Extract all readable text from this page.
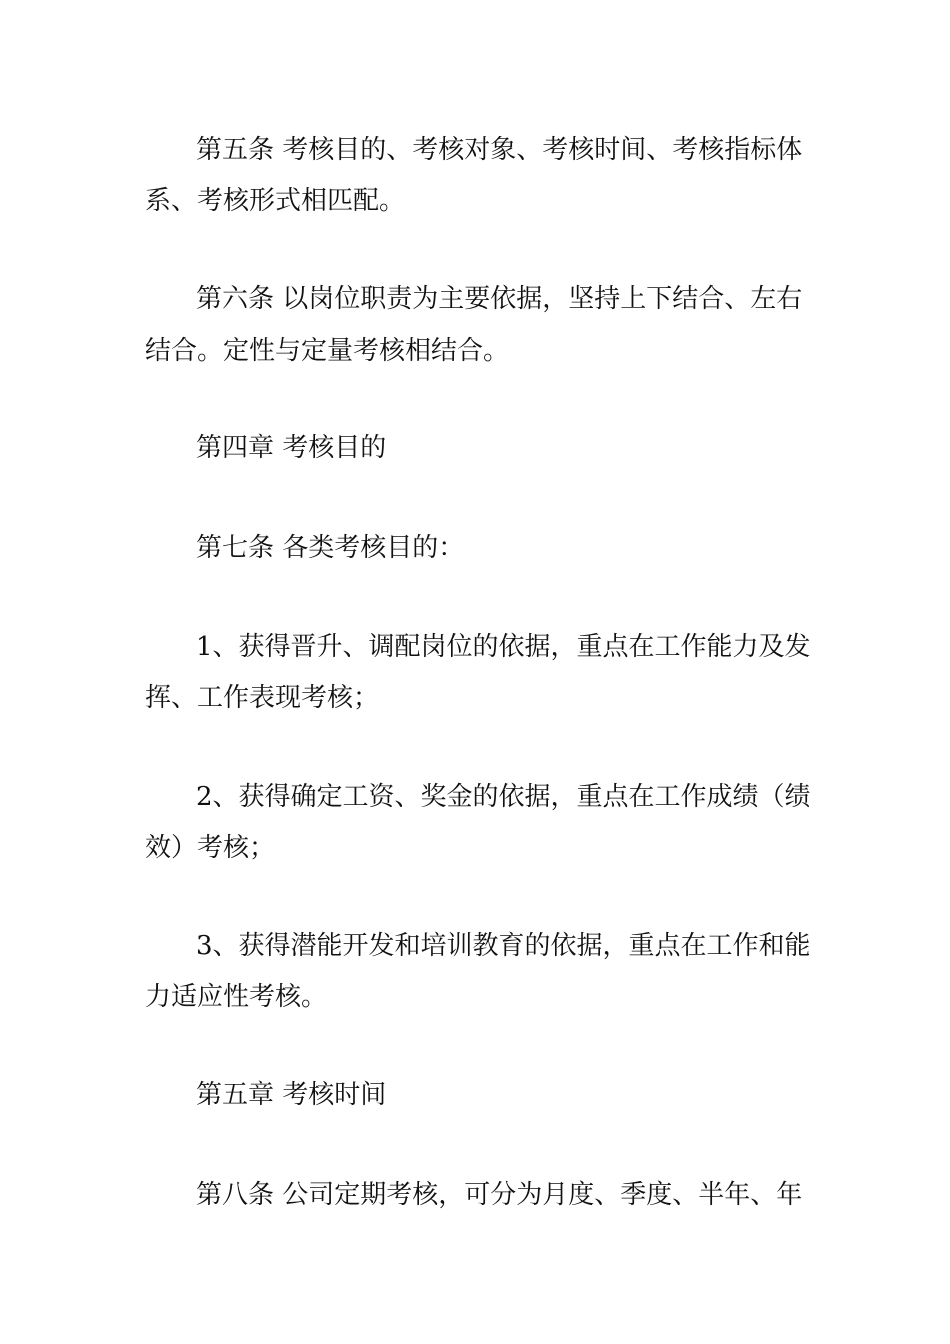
第五条 考核目的、考核对象、考核时间、考核指标体
系、考核形式相匹配。
第六条 以岗位职责为主要依据，坚持上下结合、左右
结合。定性与定量考核相结合。
第四章 考核目的
第七条 各类考核目的：
1、获得晋升、调配岗位的依据，重点在工作能力及发
挥、工作表现考核；
2、获得确定工资、奖金的依据，重点在工作成绩（绩
效）考核；
3、获得潜能开发和培训教育的依据，重点在工作和能
力适应性考核。
第五章 考核时间
第八条 公司定期考核，可分为月度、季度、半年、年
